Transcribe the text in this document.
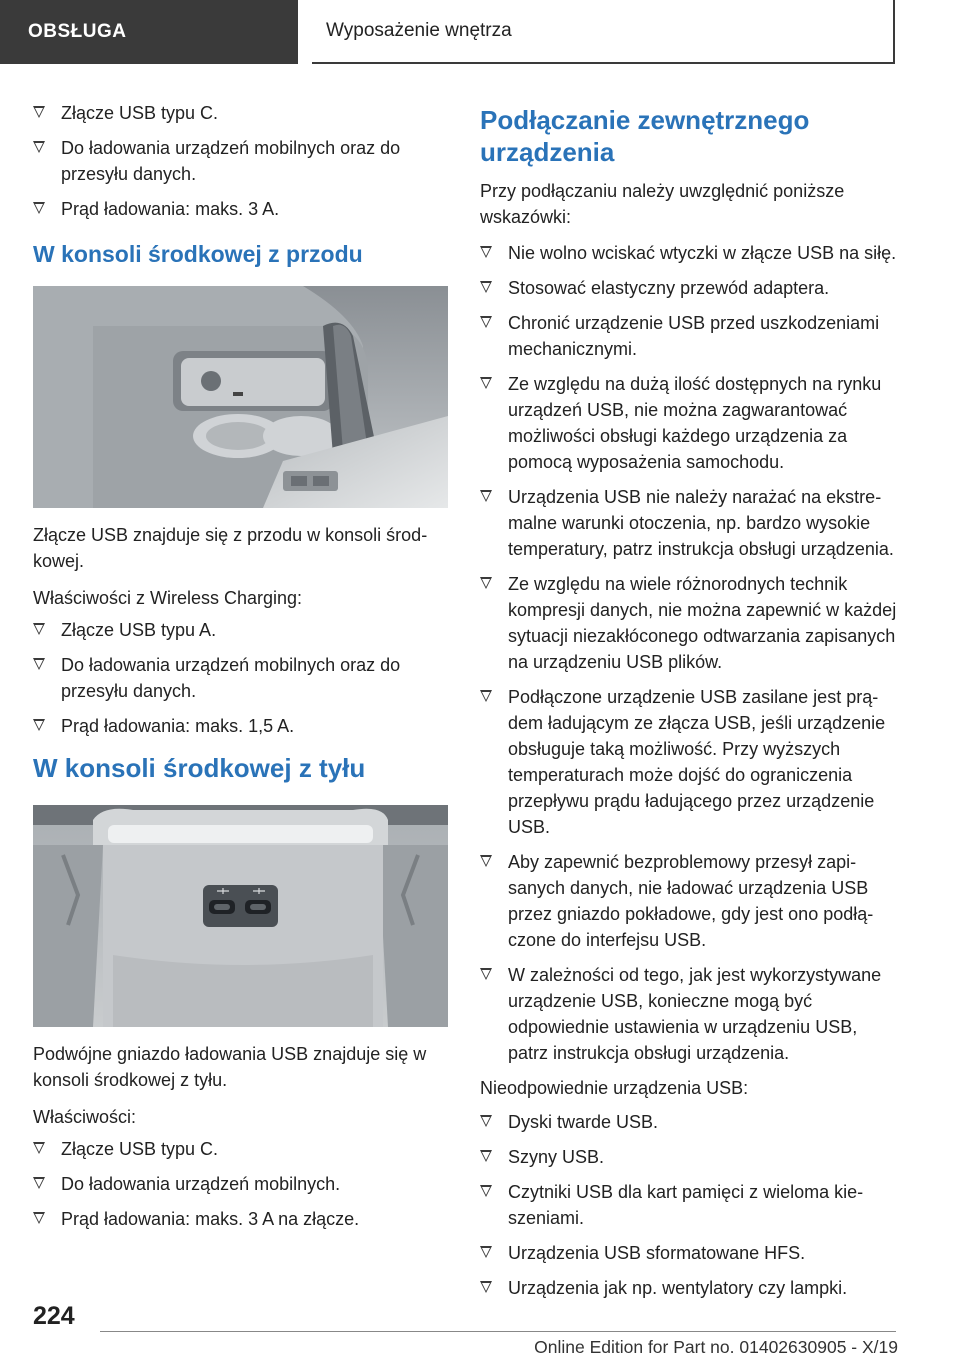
OBSŁUGA	Wyposażenie wnętrza
Złącze USB typu C.
Do ładowania urządzeń mobilnych oraz do przesyłu danych.
Prąd ładowania: maks. 3 A.
W konsoli środkowej z przodu

Złącze USB znajduje się z przodu w konsoli środkowej.

Właściwości z Wireless Charging:

Złącze USB typu A.
Do ładowania urządzeń mobilnych oraz do przesyłu danych.
Prąd ładowania: maks. 1,5 A.
W konsoli środkowej z tyłu

Podwójne gniazdo ładowania USB znajduje się w konsoli środkowej z tyłu.

Właściwości:

Złącze USB typu C.
Do ładowania urządzeń mobilnych.
Prąd ładowania: maks. 3 A na złącze.
Podłączanie zewnętrznego urządzenia

Przy podłączaniu należy uwzględnić poniższe wskazówki:

Nie wolno wciskać wtyczki w złącze USB na siłę.
Stosować elastyczny przewód adaptera.
Chronić urządzenie USB przed uszkodzeniami mechanicznymi.
Ze względu na dużą ilość dostępnych na rynku urządzeń USB, nie można zagwarantować możliwości obsługi każdego urządzenia za pomocą wyposażenia samochodu.
Urządzenia USB nie należy narażać na ekstremalne warunki otoczenia, np. bardzo wysokie temperatury, patrz instrukcja obsługi urządzenia.
Ze względu na wiele różnorodnych technik kompresji danych, nie można zapewnić w każdej sytuacji niezakłóconego odtwarzania zapisanych na urządzeniu USB plików.
Podłączone urządzenie USB zasilane jest prądem ładującym ze złącza USB, jeśli urządzenie obsługuje taką możliwość. Przy wyższych temperaturach może dojść do ograniczenia przepływu prądu ładującego przez urządzenie USB.
Aby zapewnić bezproblemowy przesył zapisanych danych, nie ładować urządzenia USB przez gniazdo pokładowe, gdy jest ono podłączone do interfejsu USB.
W zależności od tego, jak jest wykorzystywane urządzenie USB, konieczne mogą być odpowiednie ustawienia w urządzeniu USB, patrz instrukcja obsługi urządzenia.

Nieodpowiednie urządzenia USB:

Dyski twarde USB.
Szyny USB.
Czytniki USB dla kart pamięci z wieloma kieszeniami.
Urządzenia USB sformatowane HFS.
Urządzenia jak np. wentylatory czy lampki.
224
Online Edition for Part no. 01402630905 - X/19
